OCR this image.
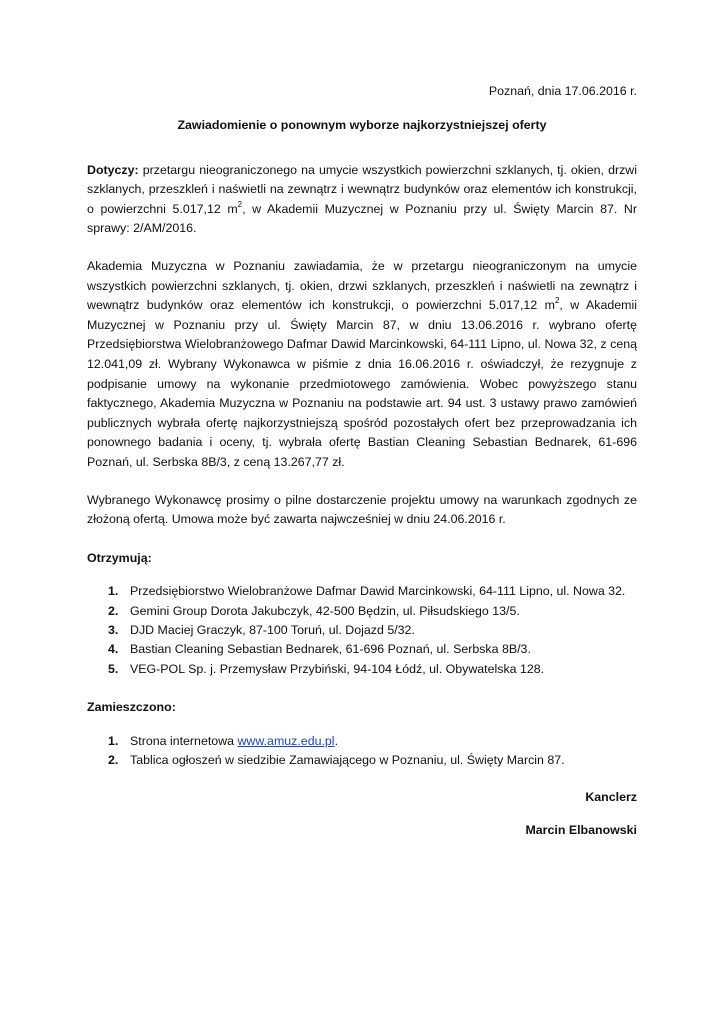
Poznań, dnia 17.06.2016 r.

Zawiadomienie o ponownym wyborze najkorzystniejszej oferty

Dotyczy: przetargu nieograniczonego na umycie wszystkich powierzchni szklanych, tj. okien, drzwi szklanych, przeszkleń i naświetli na zewnątrz i wewnątrz budynków oraz elementów ich konstrukcji, o powierzchni 5.017,12 $m^2$, w Akademii Muzycznej w Poznaniu przy ul. Święty Marcin 87. Nr sprawy: 2/AM/2016.

Akademia Muzyczna w Poznaniu zawiadamia, że w przetargu nieograniczonym na umycie wszystkich powierzchni szklanych, tj. okien, drzwi szklanych, przeszkleń i naświetli na zewnątrz i wewnątrz budynków oraz elementów ich konstrukcji, o powierzchni 5.017,12 $m^2$, w Akademii Muzycznej w Poznaniu przy ul. Święty Marcin 87, w dniu 13.06.2016 r. wybrano ofertę Przedsiębiorstwa Wielobranżowego Dafmar Dawid Marcinkowski, 64-111 Lipno, ul. Nowa 32, z ceną 12.041,09 zł. Wybrany Wykonawca w piśmie z dnia 16.06.2016 r. oświadczył, że rezygnuje z podpisanie umowy na wykonanie przedmiotowego zamówienia. Wobec powyższego stanu faktycznego, Akademia Muzyczna w Poznaniu na podstawie art. 94 ust. 3 ustawy prawo zamówień publicznych wybrała ofertę najkorzystniejszą spośród pozostałych ofert bez przeprowadzania ich ponownego badania i oceny, tj. wybrała ofertę Bastian Cleaning Sebastian Bednarek, 61-696 Poznań, ul. Serbska 8B/3, z ceną 13.267,77 zł.

Wybranego Wykonawcę prosimy o pilne dostarczenie projektu umowy na warunkach zgodnych ze złożoną ofertą. Umowa może być zawarta najwcześniej w dniu 24.06.2016 r.

Otrzymują:

1. Przedsiębiorstwo Wielobranżowe Dafmar Dawid Marcinkowski, 64-111 Lipno, ul. Nowa 32.
2. Gemini Group Dorota Jakubczyk, 42-500 Będzin, ul. Piłsudskiego 13/5.
3. DJD Maciej Graczyk, 87-100 Toruń, ul. Dojazd 5/32.
4. Bastian Cleaning Sebastian Bednarek, 61-696 Poznań, ul. Serbska 8B/3.
5. VEG-POL Sp. j. Przemysław Przybiński, 94-104 Łódź, ul. Obywatelska 128.

Zamieszczono:

1. Strona internetowa www.amuz.edu.pl.
2. Tablica ogłoszeń w siedzibie Zamawiającego w Poznaniu, ul. Święty Marcin 87.

Kanclerz

Marcin Elbanowski
